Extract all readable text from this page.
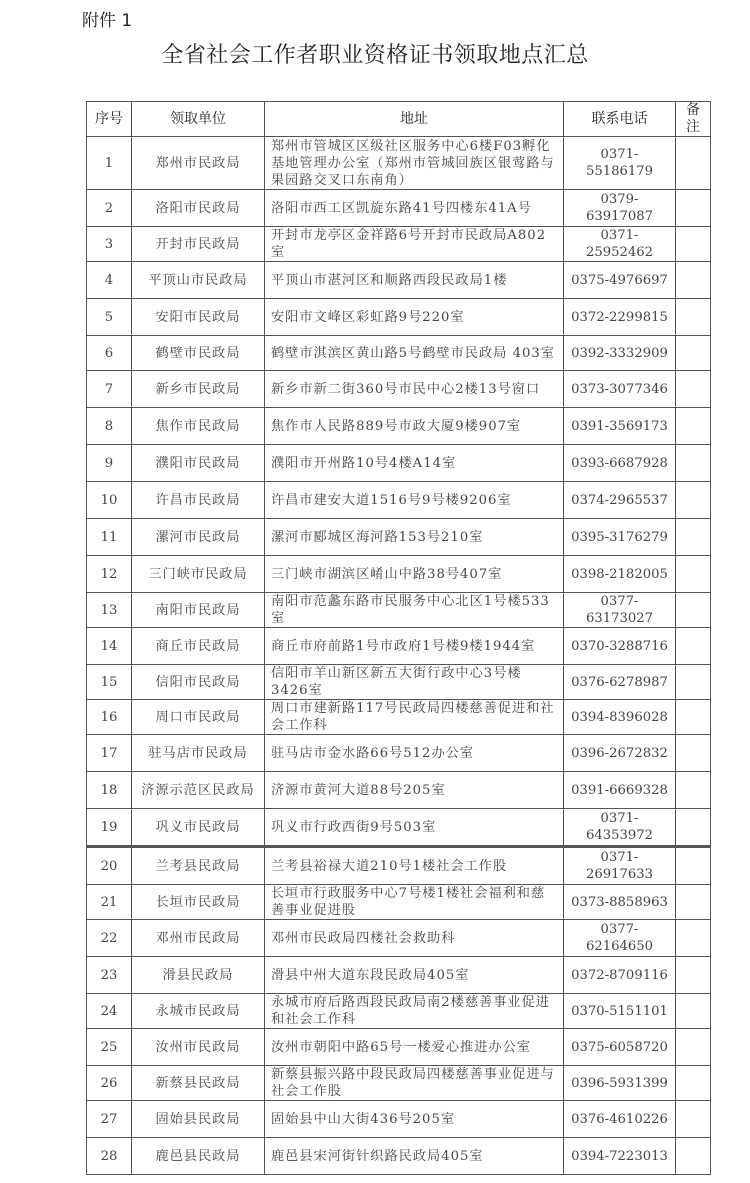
附件 1
全省社会工作者职业资格证书领取地点汇总
序号	领取单位	地址	联系电话	备注
1	郑州市民政局	郑州市管城区区级社区服务中心6楼F03孵化基地管理办公室（郑州市管城回族区银莺路与果园路交叉口东南角）	0371-55186179	
2	洛阳市民政局	洛阳市西工区凯旋东路41号四楼东41A号	0379-63917087	
3	开封市民政局	开封市龙亭区金祥路6号开封市民政局A802室	0371-25952462	
4	平顶山市民政局	平顶山市湛河区和顺路西段民政局1楼	0375-4976697	
5	安阳市民政局	安阳市文峰区彩虹路9号220室	0372-2299815	
6	鹤壁市民政局	鹤壁市淇滨区黄山路5号鹤壁市民政局 403室	0392-3332909	
7	新乡市民政局	新乡市新二街360号市民中心2楼13号窗口	0373-3077346	
8	焦作市民政局	焦作市人民路889号市政大厦9楼907室	0391-3569173	
9	濮阳市民政局	濮阳市开州路10号4楼A14室	0393-6687928	
10	许昌市民政局	许昌市建安大道1516号9号楼9206室	0374-2965537	
11	漯河市民政局	漯河市郾城区海河路153号210室	0395-3176279	
12	三门峡市民政局	三门峡市湖滨区崤山中路38号407室	0398-2182005	
13	南阳市民政局	南阳市范蠡东路市民服务中心北区1号楼533室	0377-63173027	
14	商丘市民政局	商丘市府前路1号市政府1号楼9楼1944室	0370-3288716	
15	信阳市民政局	信阳市羊山新区新五大街行政中心3号楼3426室	0376-6278987	
16	周口市民政局	周口市建新路117号民政局四楼慈善促进和社会工作科	0394-8396028	
17	驻马店市民政局	驻马店市金水路66号512办公室	0396-2672832	
18	济源示范区民政局	济源市黄河大道88号205室	0391-6669328	
19	巩义市民政局	巩义市行政西街9号503室	0371-64353972	
20	兰考县民政局	兰考县裕禄大道210号1楼社会工作股	0371-26917633	
21	长垣市民政局	长垣市行政服务中心7号楼1楼社会福利和慈善事业促进股	0373-8858963	
22	邓州市民政局	邓州市民政局四楼社会救助科	0377-62164650	
23	滑县民政局	滑县中州大道东段民政局405室	0372-8709116	
24	永城市民政局	永城市府后路西段民政局南2楼慈善事业促进和社会工作科	0370-5151101	
25	汝州市民政局	汝州市朝阳中路65号一楼爱心推进办公室	0375-6058720	
26	新蔡县民政局	新蔡县振兴路中段民政局四楼慈善事业促进与社会工作股	0396-5931399	
27	固始县民政局	固始县中山大街436号205室	0376-4610226	
28	鹿邑县民政局	鹿邑县宋河街针织路民政局405室	0394-7223013	
